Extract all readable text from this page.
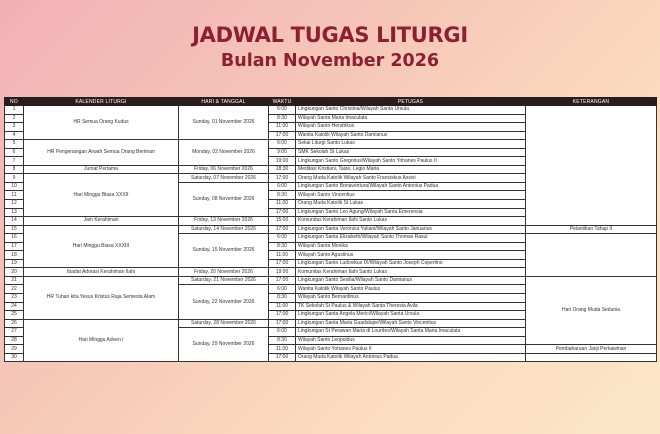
JADWAL TUGAS LITURGI
Bulan November 2026
NO	KALENDER LITURGI	HARI & TANGGAL	WAKTU	PETUGAS	KETERANGAN
1	HR Semua Orang Kudus	Sunday, 01 November 2026	6:00	Lingkungan Santo Christina/Wilayah Santa Ursula	
2			8:30	Wilayah Santa Maria Imaculata	
3			11:00	Wilayah Santo Hendrikus	
4			17:00	Wanita Katolik Wilayah Santo Damianus	
5	HR Pengenangan Arwah Semua Orang Beriman	Monday, 02 November 2026	6:00	Sekai Liturgi Santo Lukas	
6			9:00	SMK Sekolah St Lukas	
7			19:00	Lingkungan Santo Gregorius/Wilayah Santo Yohanes Paulus II	
8	Jumat Pertama	Friday, 06 November 2026	18:30	Meditasi Kristiani, Taize, Legio Maria	
9	Hari Minggu Biasa XXXII	Saturday, 07 November 2026	17:00	Orang Muda Katolik Wilayah Santo Fransiskus Assisi	
10		Sunday, 08 November 2026	6:00	Lingkungan Santo Bonaventura/Wilayah Santo Antonius Padua	
11			8:30	Wilayah Santo Vincentius	
12			11:00	Orang Muda Katolik St Lukas	
13			17:00	Lingkungan Santo Leo Agung/Wilayah Santa Emerensia	
14	Jam Kerahiman	Friday, 13 November 2026	15:00	Komunitas Kerahiman Ilahi Santo Lukas	
15	Hari Minggu Biasa XXXIII	Saturday, 14 November 2026	17:00	Lingkungan Santa Veronica Yuliani/Wilayah Santo Januarius	Pelantikan Tahap II
16		Sunday, 15 November 2026	6:00	Lingkungan Santa Elizabeth/Wilayah Santo Thomas Rasul	
17			8:30	Wilayah Santa Monika	
18			11:00	Wilayah Santo Agustinus	
19			17:00	Lingkungan Santo Ludovikus IX/Wilayah Santo Joseph Copertino	
20	Ibadat Adorasi Kerahiman Ilahi	Friday, 20 November 2026	19:00	Komunitas Kerahiman Ilahi Santo Lukas	
21	HR Tuhan kita Yesus Kristus Raja Semesta Alam	Saturday, 21 November 2026	17:00	Lingkungan Santo Sesilia/Wilayah Santo Damianus	Hari Orang Muda Sedunia
22		Sunday, 22 November 2026	6:00	Wanita Katolik Wilayah Santo Paulus	
23			8:30	Wilayah Santo Bernardinus	
24			11:00	TK Sekolah St Paulus & Wilayah Santa Theresia Avila	
25			17:00	Lingkungan Santa Angela Merici/Wilayah Santa Ursula	
26	Hari Minggu Adven I	Saturday, 28 November 2026	17:00	Lingkungan Santa Maria Guadalupe/Wilayah Santo Vincentius	
27		Sunday, 29 November 2026	6:00	Lingkungan St Perawan Maria di Lourdes/Wilayah Santa Maria Imaculata	
28			8:30	Wilayah Santo Leopoldus	
29			11:00	Wilayah Santo Yohanes Paulus II	Pembaharuan Janji Perkawinan
30			17:00	Orang Muda Katolik Wilayah Antonius Padua	
